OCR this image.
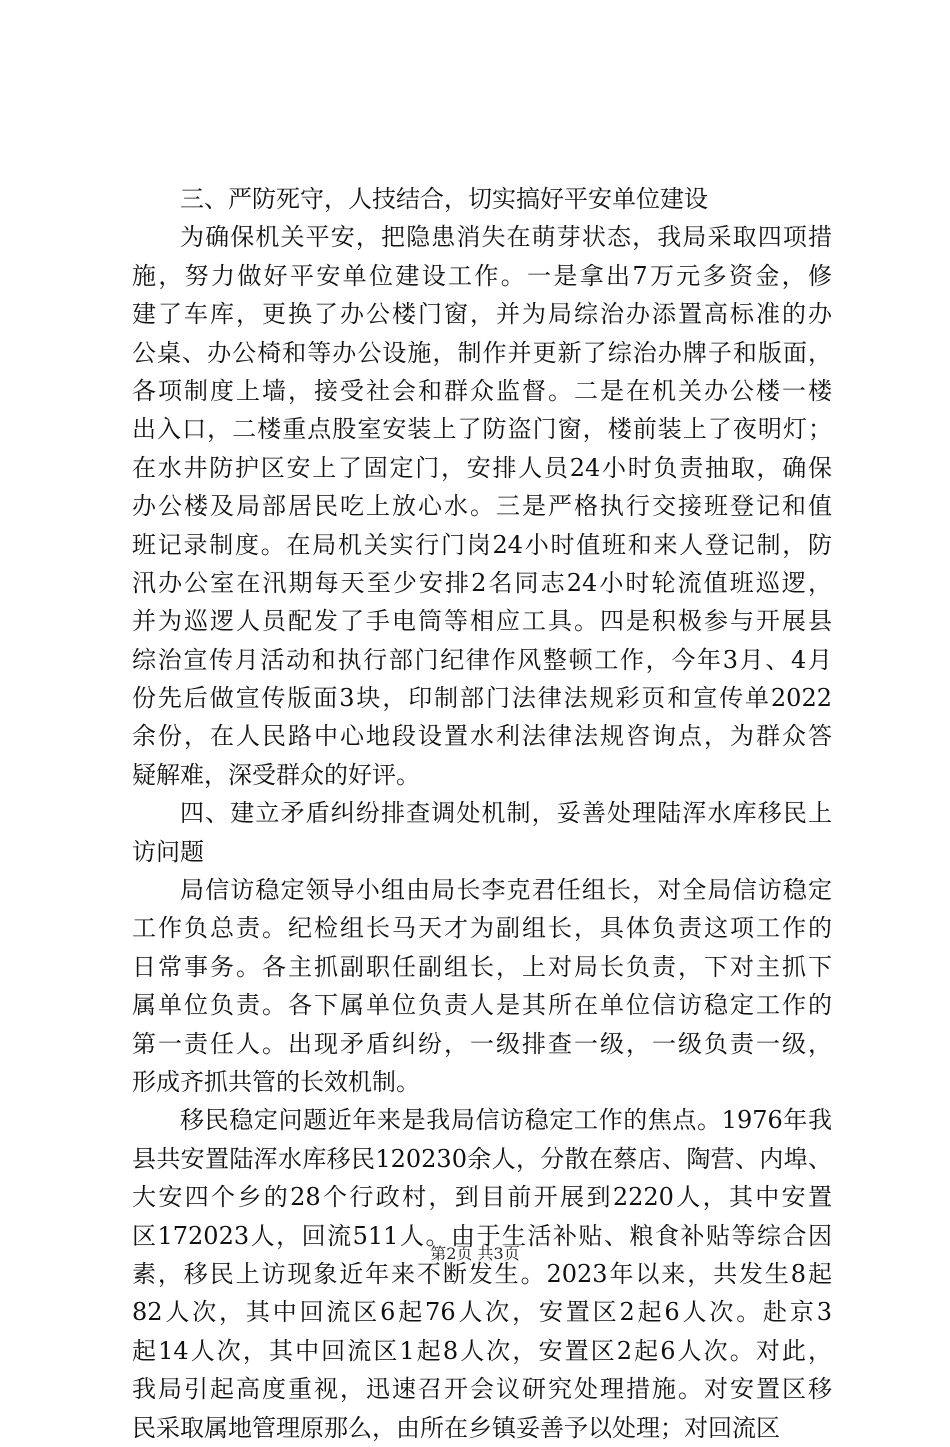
三、严防死守，人技结合，切实搞好平安单位建设
为确保机关平安，把隐患消失在萌芽状态，我局采取四项措
施，努力做好平安单位建设工作。一是拿出7万元多资金，修
建了车库，更换了办公楼门窗，并为局综治办添置高标准的办
公桌、办公椅和等办公设施，制作并更新了综治办牌子和版面，
各项制度上墙，接受社会和群众监督。二是在机关办公楼一楼
出入口，二楼重点股室安装上了防盗门窗，楼前装上了夜明灯；
在水井防护区安上了固定门，安排人员24小时负责抽取，确保
办公楼及局部居民吃上放心水。三是严格执行交接班登记和值
班记录制度。在局机关实行门岗24小时值班和来人登记制，防
汛办公室在汛期每天至少安排2名同志24小时轮流值班巡逻，
并为巡逻人员配发了手电筒等相应工具。四是积极参与开展县
综治宣传月活动和执行部门纪律作风整顿工作，今年3月、4月
份先后做宣传版面3块，印制部门法律法规彩页和宣传单2022
余份，在人民路中心地段设置水利法律法规咨询点，为群众答
疑解难，深受群众的好评。
四、建立矛盾纠纷排查调处机制，妥善处理陆浑水库移民上
访问题
局信访稳定领导小组由局长李克君任组长，对全局信访稳定
工作负总责。纪检组长马天才为副组长，具体负责这项工作的
日常事务。各主抓副职任副组长，上对局长负责，下对主抓下
属单位负责。各下属单位负责人是其所在单位信访稳定工作的
第一责任人。出现矛盾纠纷，一级排查一级，一级负责一级，
形成齐抓共管的长效机制。
移民稳定问题近年来是我局信访稳定工作的焦点。1976年我
县共安置陆浑水库移民120230余人，分散在蔡店、陶营、内埠、
大安四个乡的28个行政村，到目前开展到2220人，其中安置
区172023人，回流511人。由于生活补贴、粮食补贴等综合因
素，移民上访现象近年来不断发生。2023年以来，共发生8起
82人次，其中回流区6起76人次，安置区2起6人次。赴京3
起14人次，其中回流区1起8人次，安置区2起6人次。对此，
我局引起高度重视，迅速召开会议研究处理措施。对安置区移
民采取属地管理原那么，由所在乡镇妥善予以处理；对回流区
第2页 共3页
